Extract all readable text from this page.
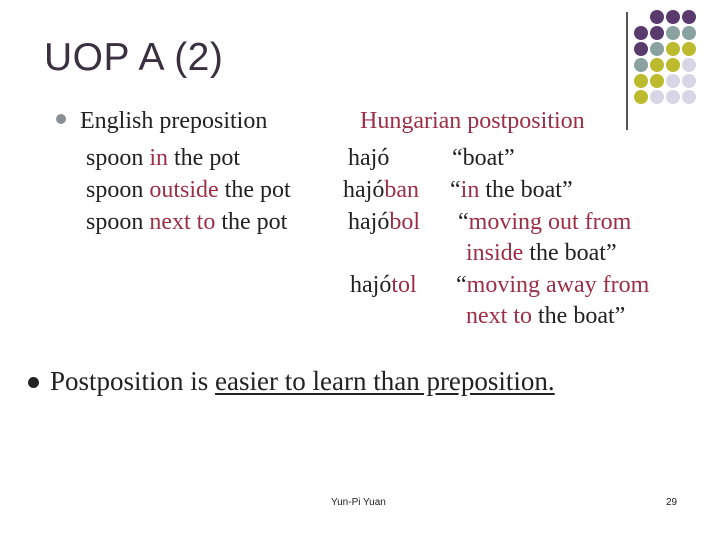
UOP A (2)
English preposition	Hungarian postposition
spoon in the pot
spoon outside the pot
spoon next to the pot
hajó
hajóban
hajóbol
hajótol
“boat”
“in the boat”
“moving out from
inside the boat”
“moving away from
next to the boat”
Postposition is easier to learn than preposition.
Yun-Pi Yuan	29
